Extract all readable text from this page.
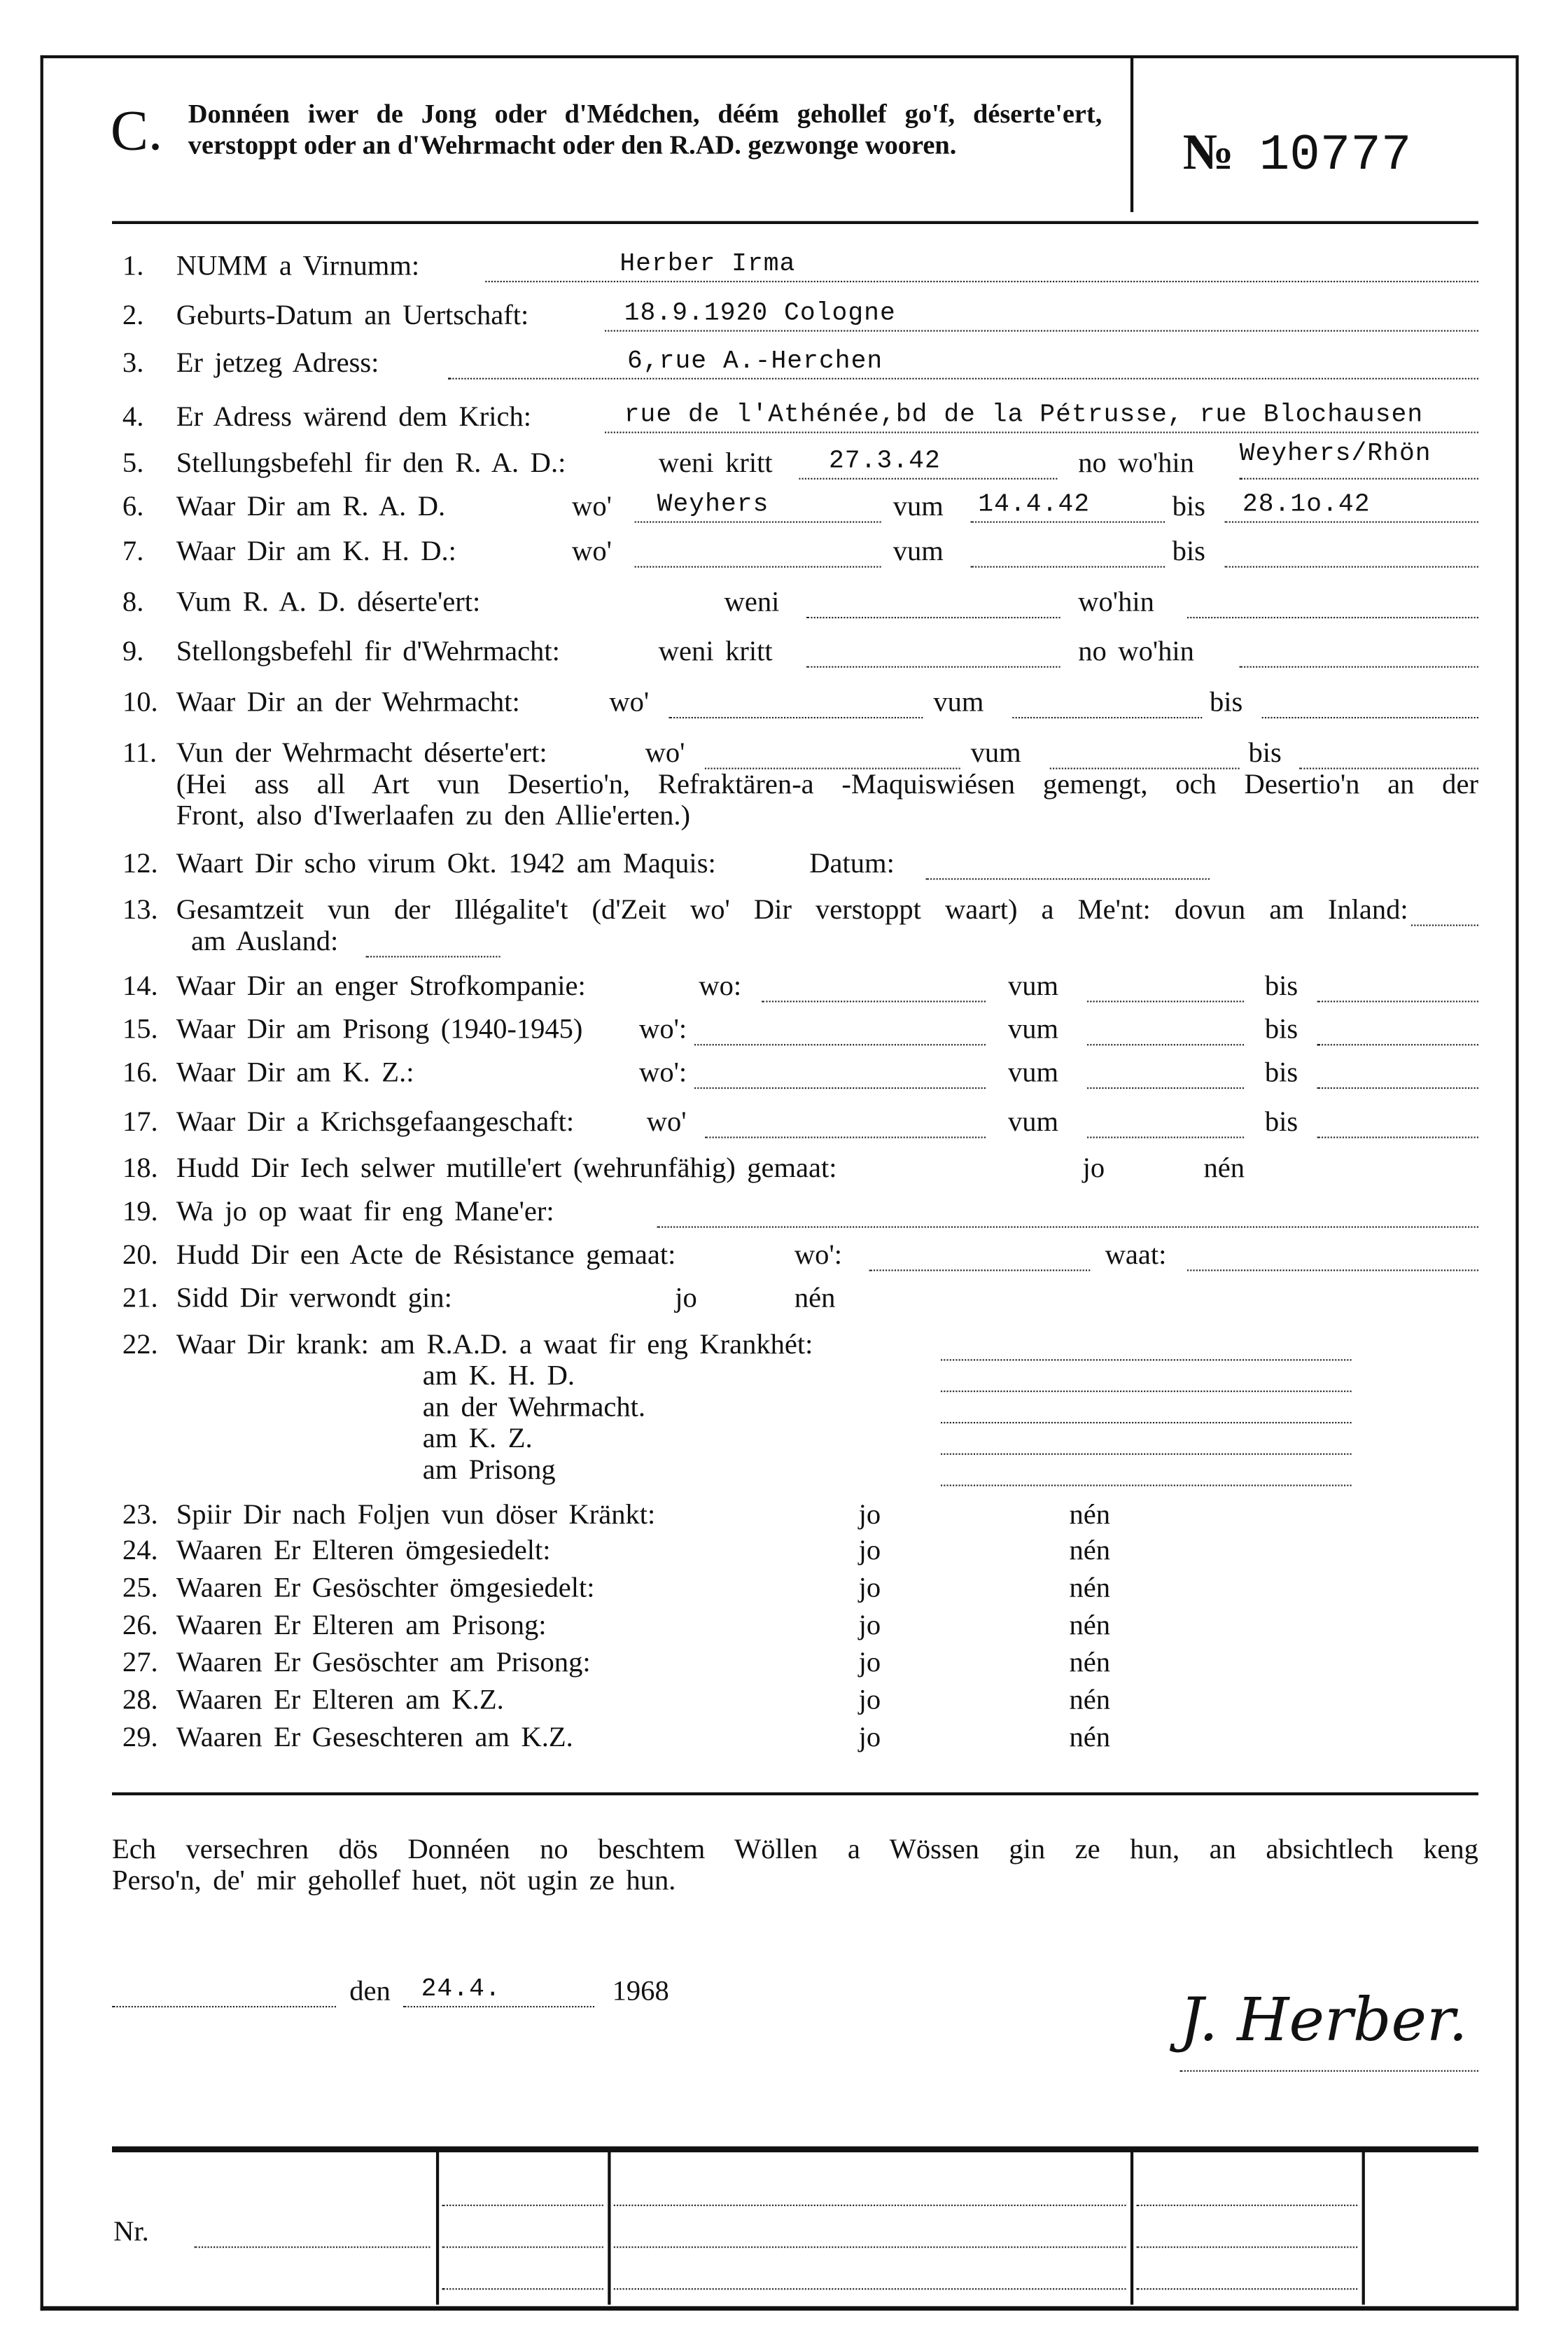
C. Donnéen iwer de Jong oder d'Médchen, déém gehollef go'f, déserte'ert, verstoppt oder an d'Wehrmacht oder den R.AD. gezwonge wooren.	№ 10777
1. NUMM a Virnumm:	Herber Irma
2. Geburts-Datum an Uertschaft:	18.9.1920 Cologne
3. Er jetzeg Adress:	6,rue A.-Herchen
4. Er Adress wärend dem Krich:	rue de l'Athénée,bd de la Pétrusse, rue Blochausen
5. Stellungsbefehl fir den R. A. D.:	weni kritt	27.3.42	no wo'hin	Weyhers/Rhön
6. Waar Dir am R. A. D.	wo'	Weyhers	vum	14.4.42	bis	28.1o.42
7. Waar Dir am K. H. D.:	wo'	vum	bis
8. Vum R. A. D. déserte'ert:	weni	wo'hin
9. Stellongsbefehl fir d'Wehrmacht:	weni kritt	no wo'hin
10. Waar Dir an der Wehrmacht:	wo'	vum	bis
11. Vun der Wehrmacht déserte'ert:	wo'	vum	bis
(Hei ass all Art vun Desertio'n, Refraktären-a -Maquiswiésen gemengt, och Desertio'n an der
Front, also d'Iwerlaafen zu den Allie'erten.)
12. Waart Dir scho virum Okt. 1942 am Maquis:	Datum:
13. Gesamtzeit vun der Illégalite't (d'Zeit wo' Dir verstoppt waart) a Me'nt: dovun am Inland:
am Ausland:
14. Waar Dir an enger Strofkompanie:	wo:	vum	bis
15. Waar Dir am Prisong (1940-1945)	wo':	vum	bis
16. Waar Dir am K. Z.:	wo':	vum	bis
17. Waar Dir a Krichsgefaangeschaft:	wo'	vum	bis
18. Hudd Dir Iech selwer mutille'ert (wehrunfähig) gemaat:	jo	nén
19. Wa jo op waat fir eng Mane'er:
20. Hudd Dir een Acte de Résistance gemaat:	wo':	waat:
21. Sidd Dir verwondt gin:	jo	nén
22. Waar Dir krank: am R.A.D. a waat fir eng Krankhét:
am K. H. D.
an der Wehrmacht.
am K. Z.
am Prisong
23. Spiir Dir nach Foljen vun döser Kränkt:	jo	nén
24. Waaren Er Elteren ömgesiedelt:	jo	nén
25. Waaren Er Gesöschter ömgesiedelt:	jo	nén
26. Waaren Er Elteren am Prisong:	jo	nén
27. Waaren Er Gesöschter am Prisong:	jo	nén
28. Waaren Er Elteren am K.Z.	jo	nén
29. Waaren Er Geseschteren am K.Z.	jo	nén
Ech versechren dös Donnéen no beschtem Wöllen a Wössen gin ze hun, an absichtlech keng
Perso'n, de' mir gehollef huet, nöt ugin ze hun.
den	24.4.	1968	J. Herber.
Nr.
